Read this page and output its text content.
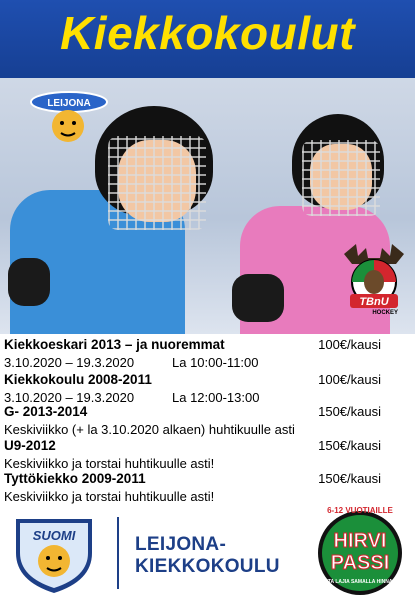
Kiekkokoulut
LEIJONA
TBnU
HOCKEY
Kiekkoeskari 2013 – ja nuoremmat	100€/kausi
3.10.2020 – 19.3.2020	La 10:00-11:00
Kiekkokoulu 2008-2011	100€/kausi
3.10.2020 – 19.3.2020	La 12:00-13:00
G- 2013-2014	150€/kausi
Keskiviikko (+ la 3.10.2020 alkaen) huhtikuulle asti
U9-2012	150€/kausi
Keskiviikko ja torstai huhtikuulle asti!
Tyttökiekko 2009-2011	150€/kausi
Keskiviikko ja torstai huhtikuulle asti!
SUOMI	LEIJONA-
KIEKKOKOULU
6-12 VUOTIAILLE
HIRVI
PASSI
MONTA LAJIA SAMALLA HINNALLA!
